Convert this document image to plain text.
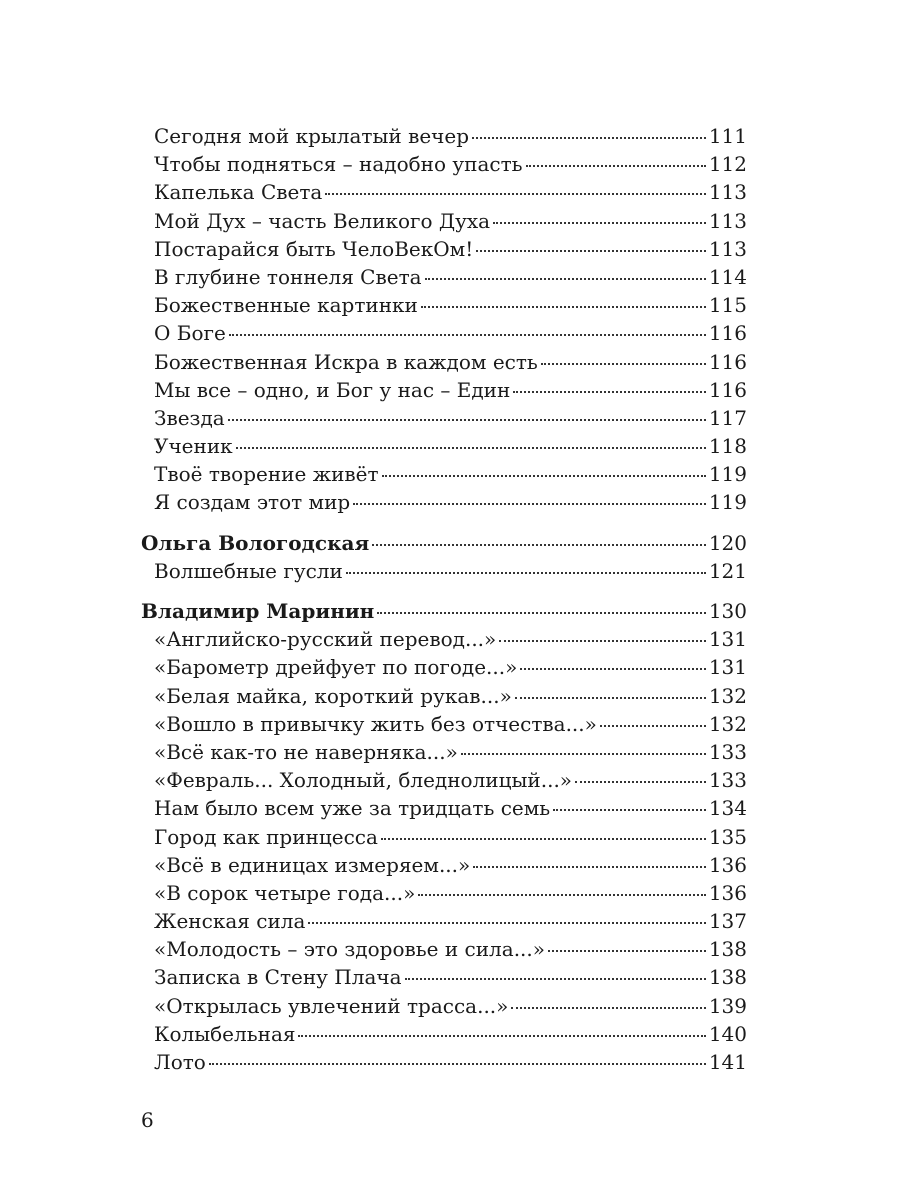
Сегодня мой крылатый вечер	111
Чтобы подняться – надобно упасть	112
Капелька Света	113
Мой Дух – часть Великого Духа	113
Постарайся быть ЧелоВекОм!	113
В глубине тоннеля Света	114
Божественные картинки	115
О Боге	116
Божественная Искра в каждом есть	116
Мы все – одно, и Бог у нас – Един	116
Звезда	117
Ученик	118
Твоё творение живёт	119
Я создам этот мир	119
Ольга Вологодская	120
Волшебные гусли	121
Владимир Маринин	130
«Английско-русский перевод...»	131
«Барометр дрейфует по погоде...»	131
«Белая майка, короткий рукав...»	132
«Вошло в привычку жить без отчества...»	132
«Всё как-то не наверняка...»	133
«Февраль... Холодный, бледнолицый...»	133
Нам было всем уже за тридцать семь	134
Город как принцесса	135
«Всё в единицах измеряем...»	136
«В сорок четыре года...»	136
Женская сила	137
«Молодость – это здоровье и сила...»	138
Записка в Стену Плача	138
«Открылась увлечений трасса...»	139
Колыбельная	140
Лото	141
6
